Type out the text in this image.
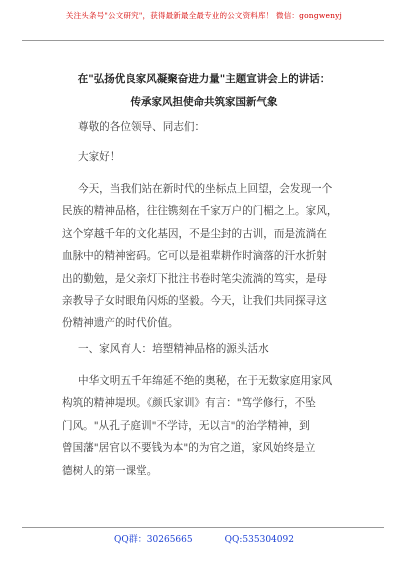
关注头条号"公文研究"，获得最新最全最专业的公文资料库！ 微信：gongwenyj
在"弘扬优良家风凝聚奋进力量"主题宣讲会上的讲话：
传承家风担使命共筑家国新气象
尊敬的各位领导、同志们：
大家好！
今天，当我们站在新时代的坐标点上回望，会发现一个
民族的精神品格，往往镌刻在千家万户的门楣之上。家风，
这个穿越千年的文化基因，不是尘封的古训，而是流淌在
血脉中的精神密码。它可以是祖辈耕作时滴落的汗水折射
出的勤勉，是父亲灯下批注书卷时笔尖流淌的笃实，是母
亲教导子女时眼角闪烁的坚毅。今天，让我们共同探寻这
份精神遗产的时代价值。
一、家风育人：培塑精神品格的源头活水
中华文明五千年绵延不绝的奥秘，在于无数家庭用家风
构筑的精神堤坝。《颜氏家训》有言："笃学修行，不坠
门风。"从孔子庭训"不学诗，无以言"的治学精神，到
曾国藩"居官以不要钱为本"的为官之道，家风始终是立
德树人的第一课堂。
QQ群：30265665	QQ:535304092
